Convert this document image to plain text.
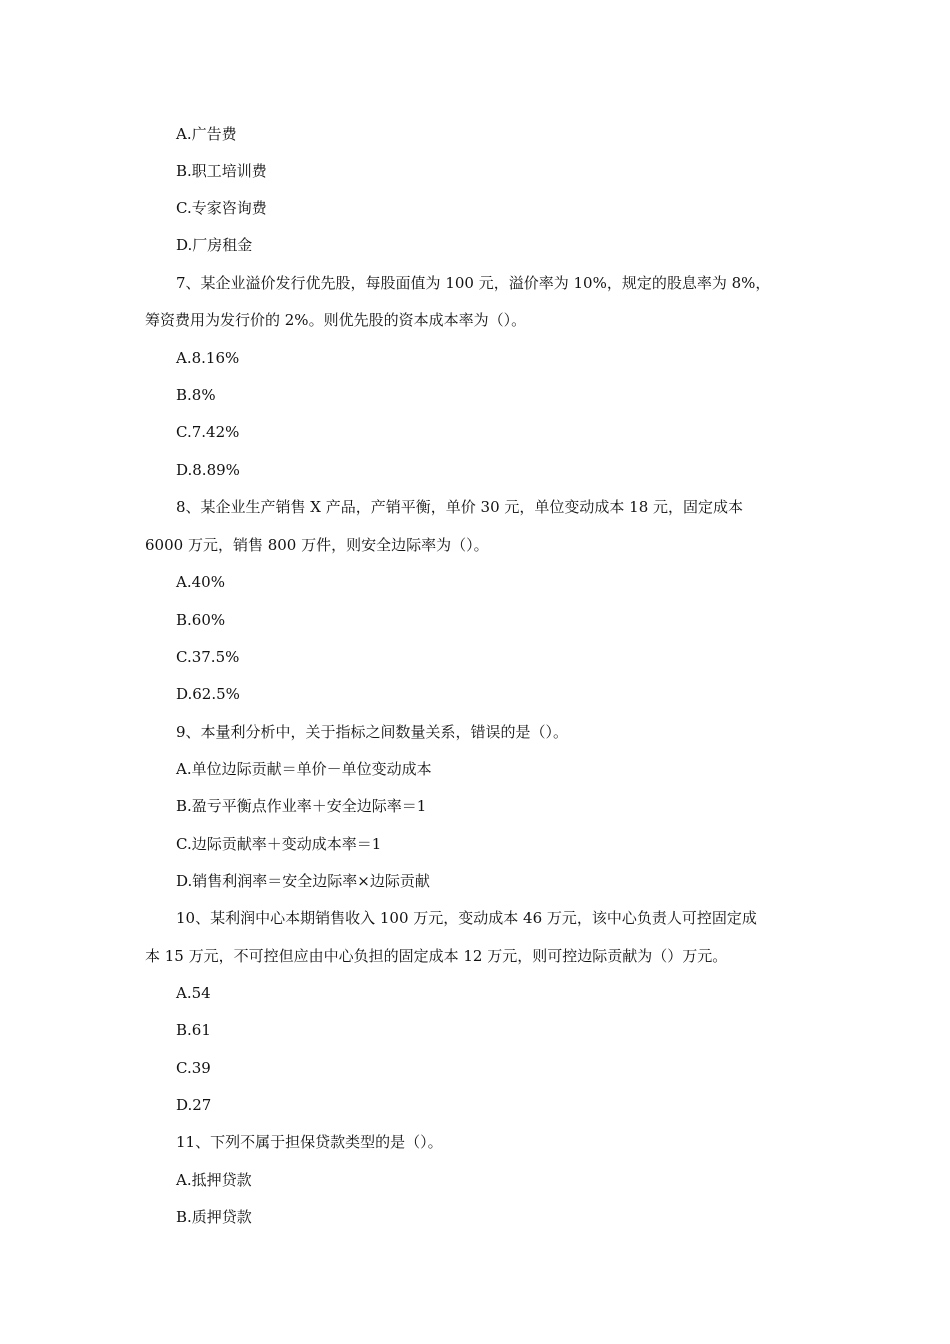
A.广告费
B.职工培训费
C.专家咨询费
D.厂房租金
7、某企业溢价发行优先股，每股面值为 100 元，溢价率为 10%，规定的股息率为 8%，
筹资费用为发行价的 2%。则优先股的资本成本率为（）。
A.8.16%
B.8%
C.7.42%
D.8.89%
8、某企业生产销售 X 产品，产销平衡，单价 30 元，单位变动成本 18 元，固定成本
6000 万元，销售 800 万件，则安全边际率为（）。
A.40%
B.60%
C.37.5%
D.62.5%
9、本量利分析中，关于指标之间数量关系，错误的是（）。
A.单位边际贡献＝单价－单位变动成本
B.盈亏平衡点作业率＋安全边际率＝1
C.边际贡献率＋变动成本率＝1
D.销售利润率＝安全边际率×边际贡献
10、某利润中心本期销售收入 100 万元，变动成本 46 万元，该中心负责人可控固定成
本 15 万元，不可控但应由中心负担的固定成本 12 万元，则可控边际贡献为（）万元。
A.54
B.61
C.39
D.27
11、下列不属于担保贷款类型的是（）。
A.抵押贷款
B.质押贷款
